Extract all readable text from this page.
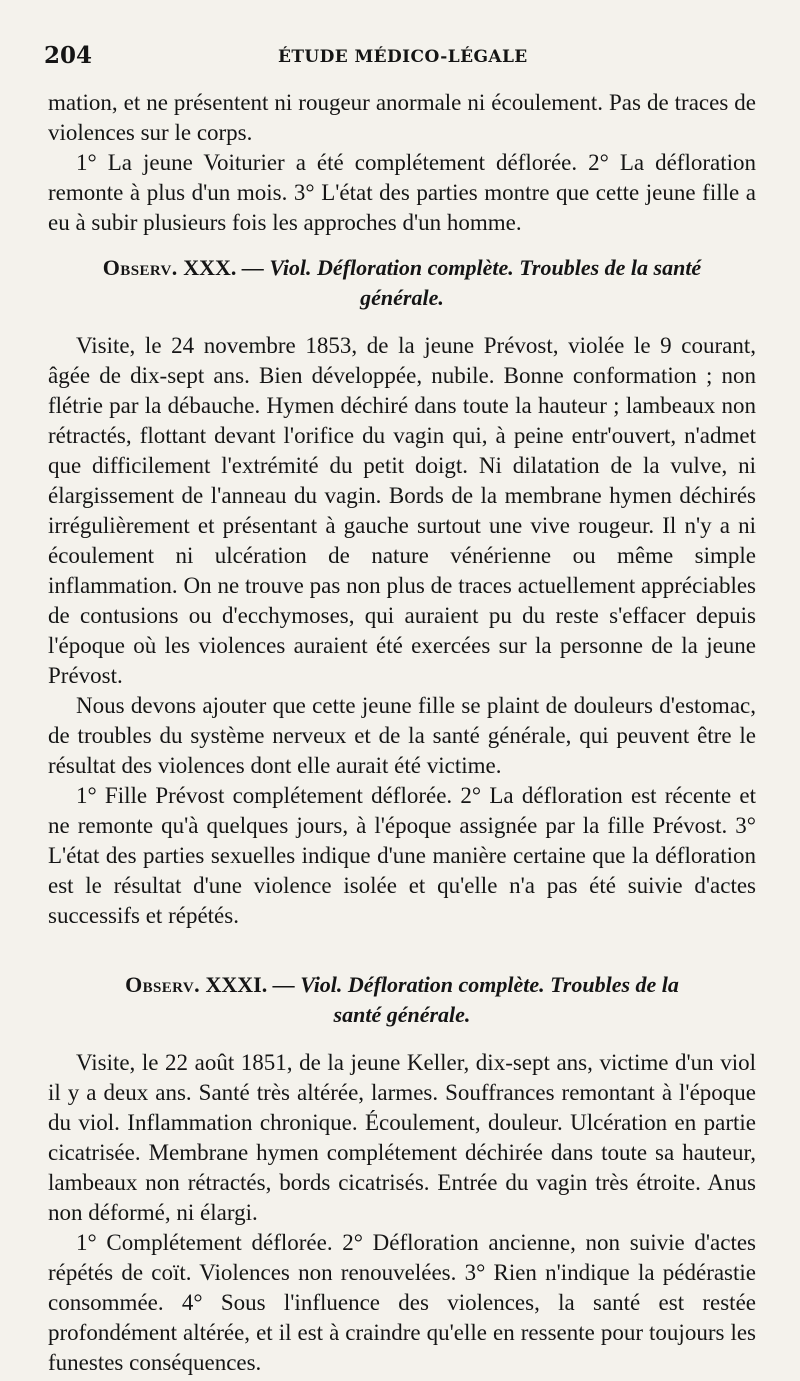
204	ÉTUDE MÉDICO-LÉGALE

mation, et ne présentent ni rougeur anormale ni écoulement. Pas de traces de violences sur le corps.

1° La jeune Voiturier a été complétement déflorée. 2° La défloration remonte à plus d'un mois. 3° L'état des parties montre que cette jeune fille a eu à subir plusieurs fois les approches d'un homme.

Observ. XXX. — Viol. Défloration complète. Troubles de la santé
générale.

Visite, le 24 novembre 1853, de la jeune Prévost, violée le 9 courant, âgée de dix-sept ans. Bien développée, nubile. Bonne conformation ; non flétrie par la débauche. Hymen déchiré dans toute la hauteur ; lambeaux non rétractés, flottant devant l'orifice du vagin qui, à peine entr'ouvert, n'admet que difficilement l'extrémité du petit doigt. Ni dilatation de la vulve, ni élargissement de l'anneau du vagin. Bords de la membrane hymen déchirés irrégulièrement et présentant à gauche surtout une vive rougeur. Il n'y a ni écoulement ni ulcération de nature vénérienne ou même simple inflammation. On ne trouve pas non plus de traces actuellement appréciables de contusions ou d'ecchymoses, qui auraient pu du reste s'effacer depuis l'époque où les violences auraient été exercées sur la personne de la jeune Prévost.

Nous devons ajouter que cette jeune fille se plaint de douleurs d'estomac, de troubles du système nerveux et de la santé générale, qui peuvent être le résultat des violences dont elle aurait été victime.

1° Fille Prévost complétement déflorée. 2° La défloration est récente et ne remonte qu'à quelques jours, à l'époque assignée par la fille Prévost. 3° L'état des parties sexuelles indique d'une manière certaine que la défloration est le résultat d'une violence isolée et qu'elle n'a pas été suivie d'actes successifs et répétés.

Observ. XXXI. — Viol. Défloration complète. Troubles de la
santé générale.

Visite, le 22 août 1851, de la jeune Keller, dix-sept ans, victime d'un viol il y a deux ans. Santé très altérée, larmes. Souffrances remontant à l'époque du viol. Inflammation chronique. Écoulement, douleur. Ulcération en partie cicatrisée. Membrane hymen complétement déchirée dans toute sa hauteur, lambeaux non rétractés, bords cicatrisés. Entrée du vagin très étroite. Anus non déformé, ni élargi.

1° Complétement déflorée. 2° Défloration ancienne, non suivie d'actes répétés de coït. Violences non renouvelées. 3° Rien n'indique la pédérastie consommée. 4° Sous l'influence des violences, la santé est restée profondément altérée, et il est à craindre qu'elle en ressente pour toujours les funestes conséquences.
